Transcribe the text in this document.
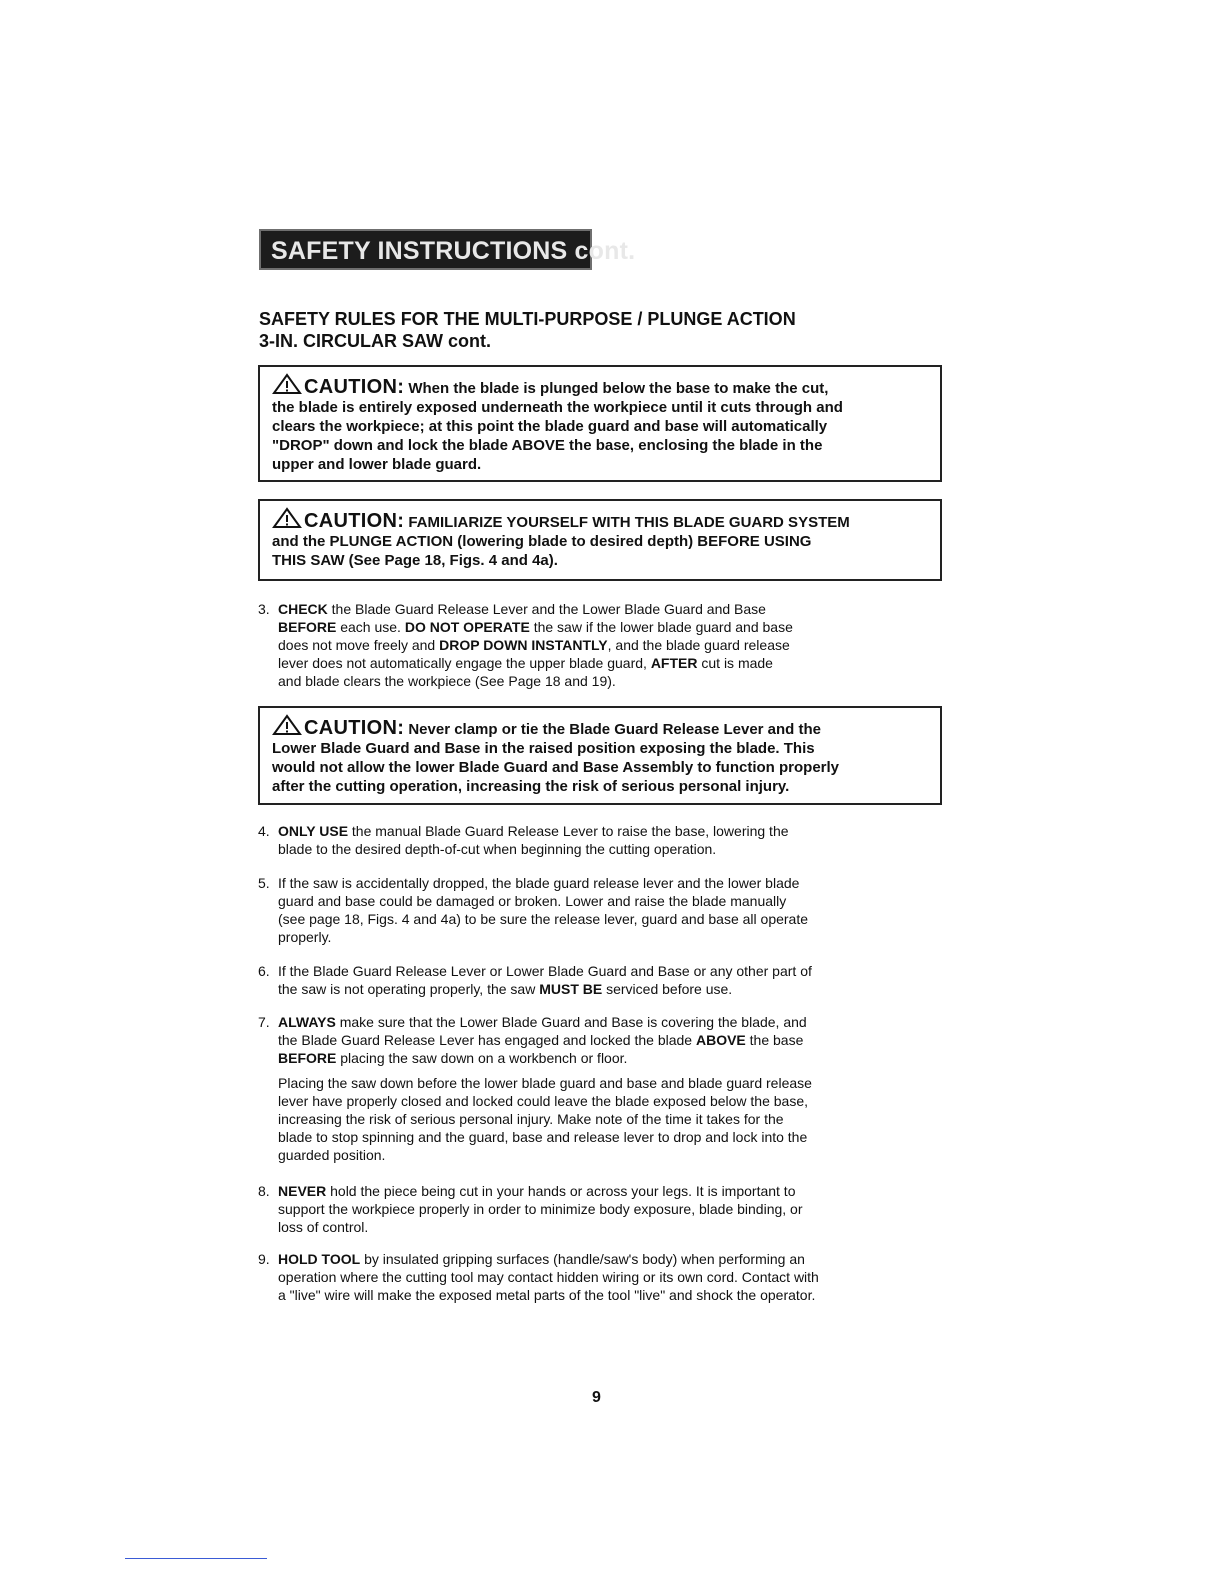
SAFETY INSTRUCTIONS cont.
SAFETY RULES FOR THE MULTI-PURPOSE / PLUNGE ACTION
3-IN. CIRCULAR SAW cont.
CAUTION: When the blade is plunged below the base to make the cut,
the blade is entirely exposed underneath the workpiece until it cuts through and
clears the workpiece; at this point the blade guard and base will automatically
"DROP" down and lock the blade ABOVE the base, enclosing the blade in the
upper and lower blade guard.
CAUTION: FAMILIARIZE YOURSELF WITH THIS BLADE GUARD SYSTEM
and the PLUNGE ACTION (lowering blade to desired depth) BEFORE USING
THIS SAW (See Page 18, Figs. 4 and 4a).
3. CHECK the Blade Guard Release Lever and the Lower Blade Guard and Base
BEFORE each use. DO NOT OPERATE the saw if the lower blade guard and base
does not move freely and DROP DOWN INSTANTLY, and the blade guard release
lever does not automatically engage the upper blade guard, AFTER cut is made
and blade clears the workpiece (See Page 18 and 19).
CAUTION: Never clamp or tie the Blade Guard Release Lever and the
Lower Blade Guard and Base in the raised position exposing the blade. This
would not allow the lower Blade Guard and Base Assembly to function properly
after the cutting operation, increasing the risk of serious personal injury.
4. ONLY USE the manual Blade Guard Release Lever to raise the base, lowering the
blade to the desired depth-of-cut when beginning the cutting operation.
5. If the saw is accidentally dropped, the blade guard release lever and the lower blade
guard and base could be damaged or broken. Lower and raise the blade manually
(see page 18, Figs. 4 and 4a) to be sure the release lever, guard and base all operate
properly.
6. If the Blade Guard Release Lever or Lower Blade Guard and Base or any other part of
the saw is not operating properly, the saw MUST BE serviced before use.
7. ALWAYS make sure that the Lower Blade Guard and Base is covering the blade, and
the Blade Guard Release Lever has engaged and locked the blade ABOVE the base
BEFORE placing the saw down on a workbench or floor.
Placing the saw down before the lower blade guard and base and blade guard release
lever have properly closed and locked could leave the blade exposed below the base,
increasing the risk of serious personal injury. Make note of the time it takes for the
blade to stop spinning and the guard, base and release lever to drop and lock into the
guarded position.
8. NEVER hold the piece being cut in your hands or across your legs. It is important to
support the workpiece properly in order to minimize body exposure, blade binding, or
loss of control.
9. HOLD TOOL by insulated gripping surfaces (handle/saw's body) when performing an
operation where the cutting tool may contact hidden wiring or its own cord. Contact with
a "live" wire will make the exposed metal parts of the tool "live" and shock the operator.
9
